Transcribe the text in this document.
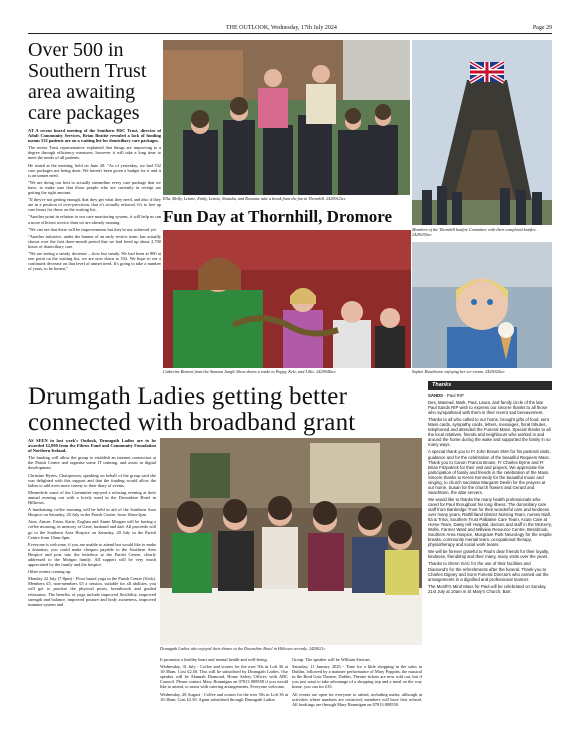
THE OUTLOOK, Wednesday, 17th July 2024	Page 29
Over 500 in Southern Trust area awaiting care packages

AT A recent board meeting of the Southern HSC Trust, director of Adult Community Services, Brian Beattie revealed a lack of funding means 532 patients are on a waiting list for domiciliary care packages.

The senior Trust representative explained that things are improving to a degree through efficiency measures, however it will take a long time to meet the needs of all patients.

He stated at the meeting, held on June 20: "As of yesterday, we had 532 care packages not being done. We haven't been given a budget for it and it is an unmet need.

"We are doing our best to actually streamline every care package that we have, to make sure that those people who are currently in receipt are getting the right amount.

"If they're not getting enough, that they get what they need, and also if they are in a position of over-provision, that it's actually reduced. It's to free up care hours for those on the waiting list.

"Another point in relation to our care monitoring system, it will help us run a more efficient service than we are already running.

"We can see that there will be improvements but they're not achieved yet.

"Another initiative, under the banner of an early review team, has actually shown over the first three-month period that we had freed up about 2,700 hours of domiciliary care.

"We are seeing a steady decrease – slow but steady. We had been at 800 at one point on the waiting list, we are now down to 532. We hope to see a continued decrease on that level of unmet need. It's going to take a number of years, to be honest."

Ella, Molly, Lennie, Emily, Letitia, Natasha, and Roxanne take a break from the fun in Thornhill. 2429012ice
Members of the Thornhill bonfire Committee with their completed bonfire. 2429030ice
Fun Day at Thornhill, Dromore
Catherine Bennett from the Amazon Jungle Show shows a snake to Poppy, Kele, and Lillie. 2429046ice	Sophie Hawthorne enjoying her ice-cream. 2429024ice
Drumgath Ladies getting better connected with broadband grant

AS SEEN in last week's Outlook, Drumgath Ladies are to be awarded £2,000 from the Fibrus Fund and Community Foundation of Northern Ireland.

The funding will allow the group to establish an internet connection at the Parish Centre and organise some IT training, and assist in digital development.

Christine Hynes, Chairperson, speaking on behalf of the group said she was delighted with this support and that the funding would allow the ladies to add even more variety to their diary of events.

Meanwhile some of the Committee enjoyed a relaxing evening at their annual evening out with a lovely meal in the Downshire Hotel in Hilltown.

A fundraising coffee morning will be held in aid of the Southern Area Hospice on Saturday, 20 July in the Parish Centre, from 10am-2pm.

Aine, Aimee, Erinn, Katie, Eoghan and Annie Morgan will be having a coffee morning, in memory of Gene, husband and dad. All proceeds will go to the Southern Area Hospice on Saturday, 20 July in the Parish Centre from 10am-2pm.

Everyone is welcome, if you are unable to attend but would like to make a donation, you could make cheques payable to the Southern Area Hospice and post into the letterbox at the Parish Centre, clearly addressed to the Morgan family. All support will be very much appreciated by the family and the hospice.

Other events coming up:

Monday 22 July (7-8pm) - Floor based yoga in the Parish Centre (6/wk). Members £5, non-members £5 a session, suitable for all abilities, you will get to practise the physical poses, breathwork and guided relaxation. The benefits of yoga include improved flexibility, improved strength and balance, improved posture and body awareness, improved immune system and

Drumgath Ladies who enjoyed their dinner at the Downshire Hotel in Hilltown recently. 2429021c

It promotes a healthy heart and mental health and well-being.

Wednesday, 31 July - Coffee and scones for the over 50s in Loft 36 at 10:30am. Cost £2.50. This will be subsidised by Drumgath Ladies. Our speaker will be Alannah Diamond, Home Safety Officer, with ABC Council. Please contact Mary Brannigan on 07813 808558 if you would like to attend, to assist with catering arrangements. Everyone welcome.

Wednesday, 28 August - Coffee and scones for the over 50s in Loft 36 at 10:30am. Cost £2.50. Again subsidised through Drumgath Ladies

Group. The speaker will be William Stewart.

Saturday, 11 January 2025 - Time for a little shopping in the sales in Dublin, followed by a matinee performance of Mary Poppins, the musical in the Bord Gais Theatre, Dublin. Theatre tickets are now sold out, but if you just want to take advantage of a shopping trip and a meal on the way home, you can for £35.

All events are open for everyone to attend, including males, although at activities where numbers are restricted, members will have first refusal. All bookings are through Mary Brannigan on 07813 808558.

Thanks

SANDS - Paul RIP

Des, Mairead, Mark, Paul, Laura, and family circle of the late Paul Sands RIP wish to express our sincere thanks to all those who sympathised with them in their recent sad bereavement.

Thanks to all who called to our home, brought gifts of food, sent Mass cards, sympathy cards, letters, messages, floral tributes, telephoned and attended the Funeral Mass. Special thanks to all the local relatives, friends and neighbours who worked in and around the home during the wake and supported the family in so many ways.

A special thank you to Fr John Brown SMA for his pastoral visits, guidance and for the celebration of the beautiful Requiem Mass. Thank you to Canon Francis Brown, Fr Charles Byrne and Fr Brian Fitzpatrick for their visit and prayers. We appreciate the participation of family and friends in the celebration of the Mass. Sincere thanks to Kerrie Kennedy for the beautiful music and singing, to church sacristan Margaret Devlin for the prayers at our home, Susan for the church flowers and Gerard and Seachtann, the altar servers.

We would like to thanks the many health professionals who cared for Paul throughout his long illness. The domiciliary care staff from Banbridge Trust for their wonderful care and kindness over many years, Rathfriland District Nursing Team, nurses Niall, Ita & Trina, Southern Trust Palliative Care Team, Acute Care at Home Team, Daisy Hill Hospital, doctors and staff in the McKerry, Wolfe, Farmer Ward and Millview Resource Centre, Bessbrook, Southern Area Hospice, Musgrave Park Neurology for the respite breaks, community mental team, occupational therapy, physiotherapy and social work teams.

We will be forever grateful to Paul's dear friends for their loyalty, kindness, friendship and their many, many visits over the years.

Thanks to Glenn GAC for the use of their facilities and Diamond's for the refreshments after the funeral. Thank you to Charles Digney and Sons Funeral Directors who carried out the arrangements in a dignified and professional manner.

The Month's Mind Mass for Paul will be celebrated on Sunday, 21st July at 10am in St Mary's Church, Barr.
